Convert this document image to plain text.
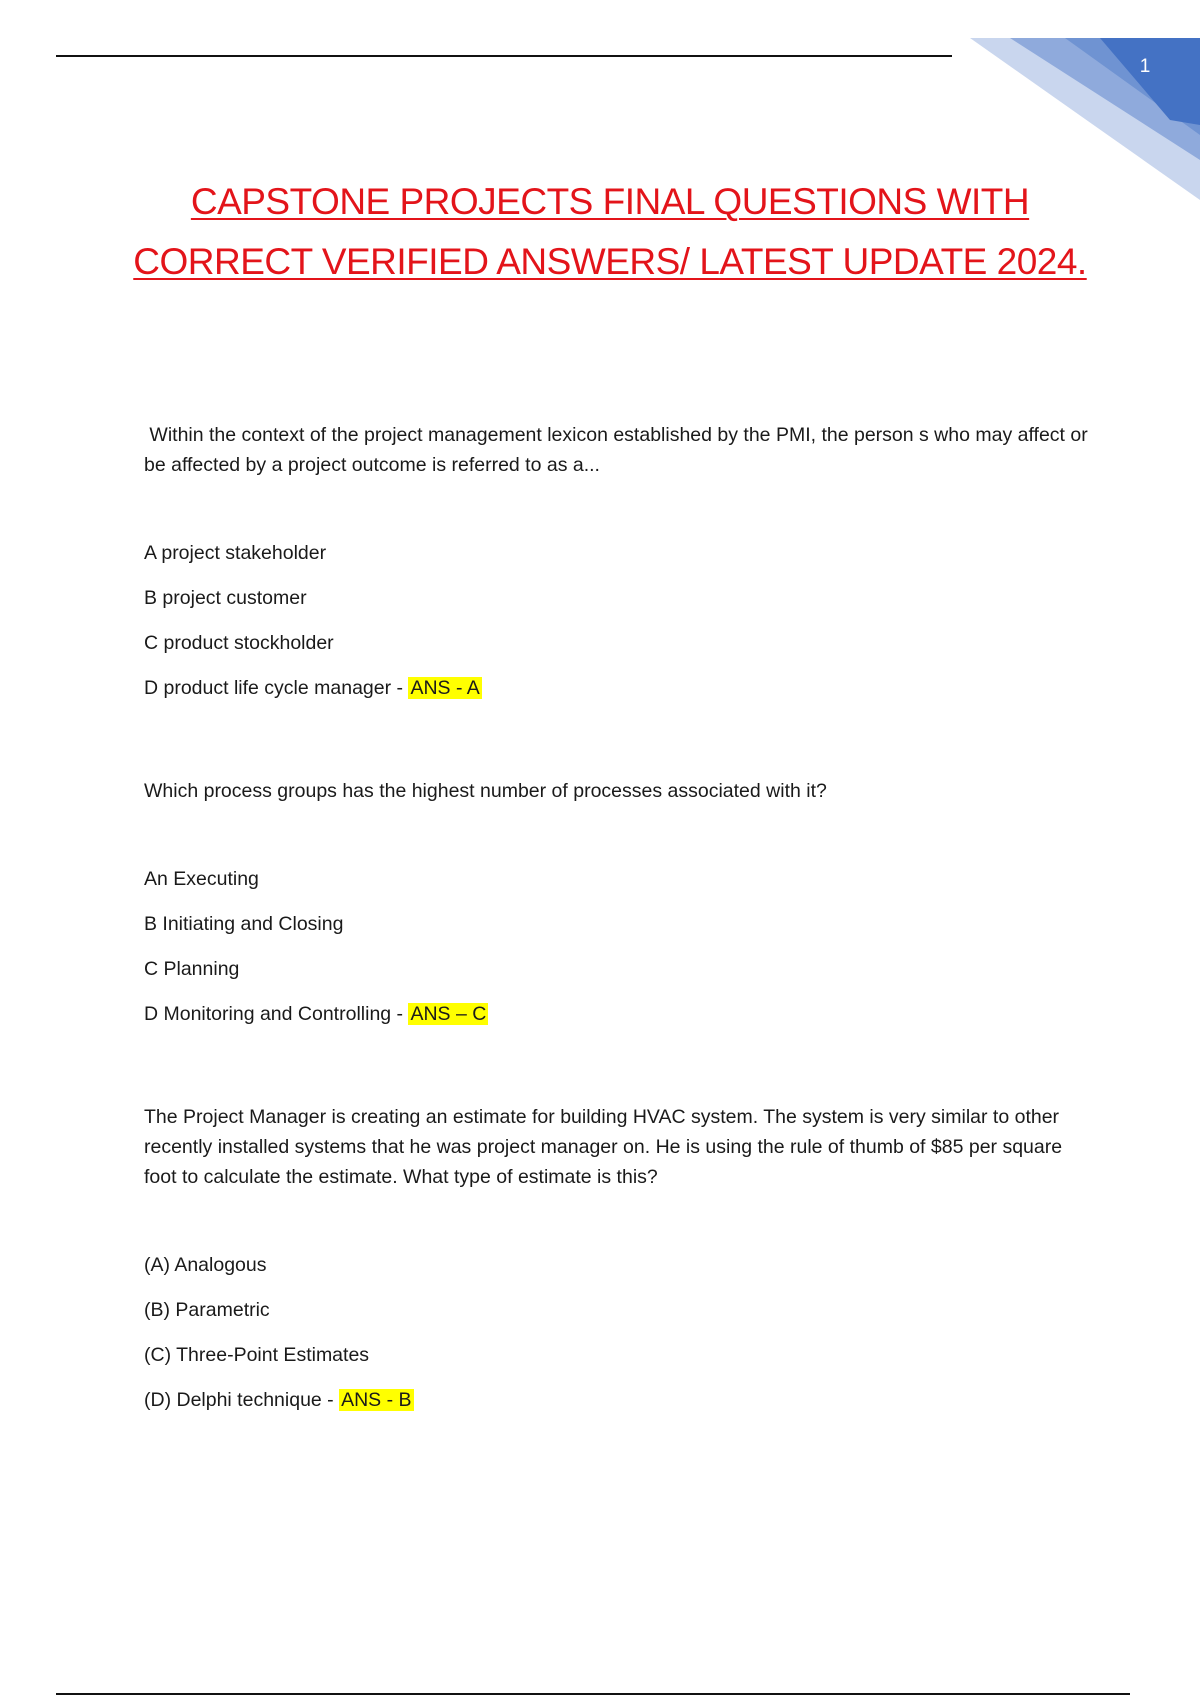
1
CAPSTONE PROJECTS FINAL QUESTIONS WITH
CORRECT VERIFIED ANSWERS/ LATEST UPDATE 2024.

Within the context of the project management lexicon established by the PMI, the person s who may affect or be affected by a project outcome is referred to as a...

A project stakeholder
B project customer
C product stockholder
D product life cycle manager - ANS - A

Which process groups has the highest number of processes associated with it?

An Executing
B Initiating and Closing
C Planning
D Monitoring and Controlling - ANS – C

The Project Manager is creating an estimate for building HVAC system. The system is very similar to other recently installed systems that he was project manager on. He is using the rule of thumb of $85 per square foot to calculate the estimate. What type of estimate is this?

(A) Analogous
(B) Parametric
(C) Three-Point Estimates
(D) Delphi technique - ANS - B
